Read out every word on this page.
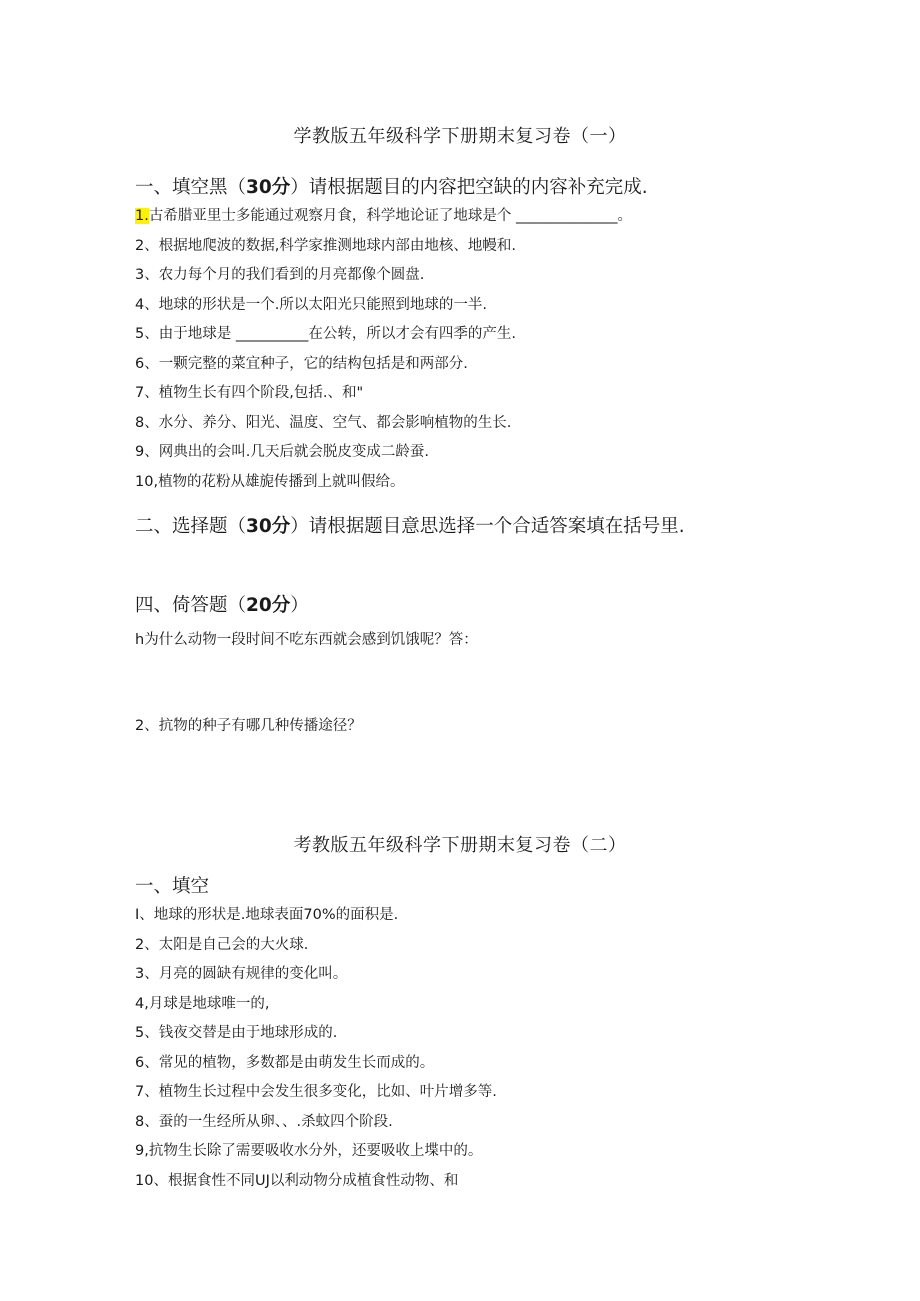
学教版五年级科学下册期末复习卷（一）
一、填空黑（30分）请根据题目的内容把空缺的内容补充完成.
1.古希腊亚里士多能通过观察月食，科学地论证了地球是个 ______________。
2、根据地爬波的数据,科学家推测地球内部由地核、地幔和.
3、农力每个月的我们看到的月亮都像个圆盘.
4、地球的形状是一个.所以太阳光只能照到地球的一半.
5、由于地球是 __________在公转，所以才会有四季的产生.
6、一颗完整的菜宜种子，它的结构包括是和两部分.
7、植物生长有四个阶段,包括.、和"
8、水分、养分、阳光、温度、空气、都会影响植物的生长.
9、网典出的会叫.几天后就会脱皮变成二龄蚕.
10,植物的花粉从雄旎传播到上就叫假给。
二、选择题（30分）请根据题目意思选择一个合适答案填在括号里.
四、倚答题（20分）
h为什么动物一段时间不吃东西就会感到饥饿呢？答：
2、抗物的种子有哪几种传播途径？
考教版五年级科学下册期末复习卷（二）
一、填空
I、地球的形状是.地球表面70%的面积是.
2、太阳是自己会的大火球.
3、月亮的圆缺有规律的变化叫。
4,月球是地球唯一的,
5、钱夜交替是由于地球形成的.
6、常见的植物，多数都是由萌发生长而成的。
7、植物生长过程中会发生很多变化，比如、叶片增多等.
8、蚕的一生经所从卵、、.杀蚊四个阶段.
9,抗物生长除了需要吸收水分外，还要吸收上堞中的。
10、根据食性不同UJ以利动物分成植食性动物、和
